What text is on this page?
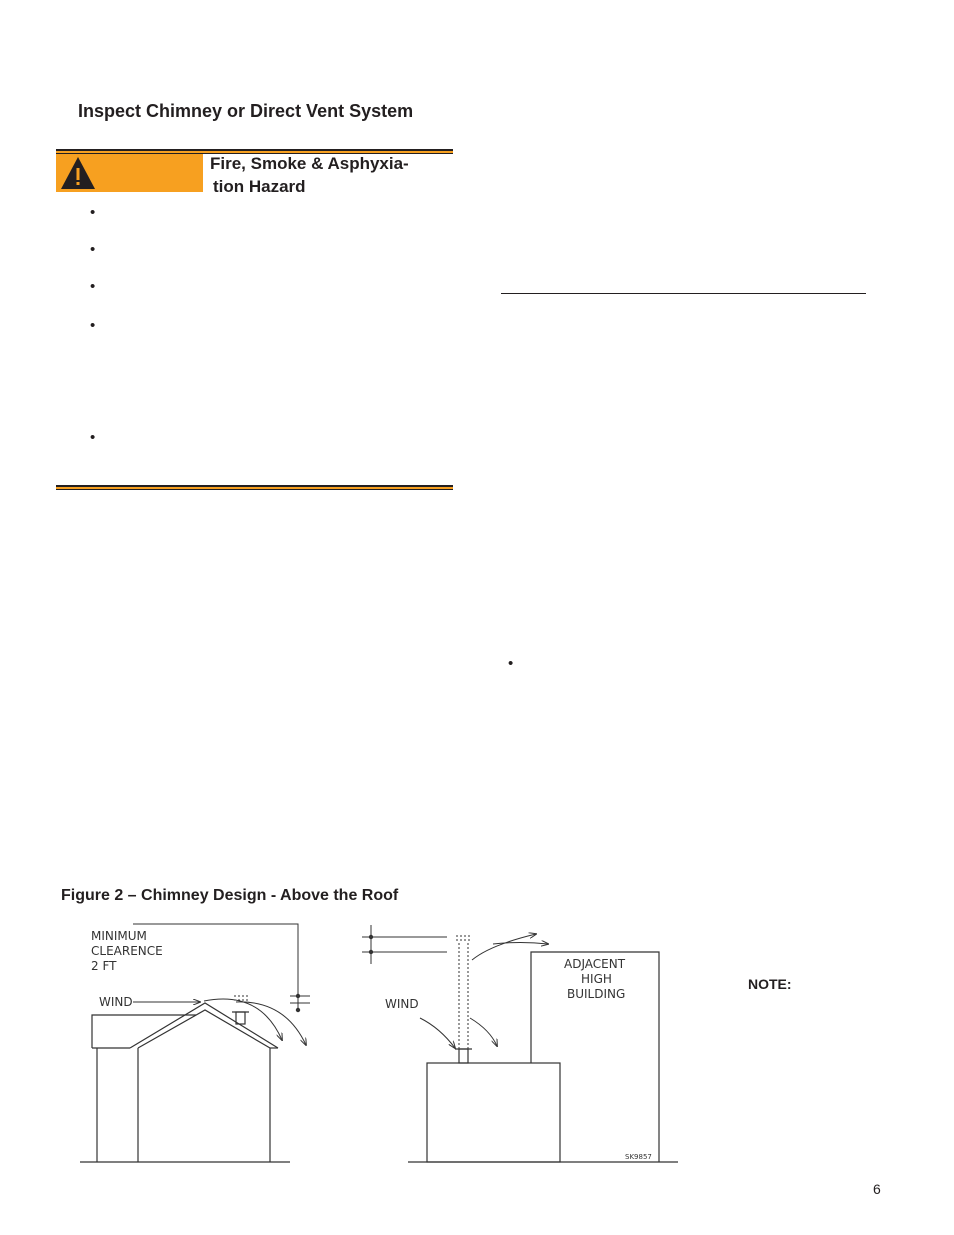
Inspect Chimney or Direct Vent System
Fire, Smoke & Asphyxia-
tion Hazard
•
•
•
•
•
•
Figure 2 – Chimney Design - Above the Roof
MINIMUM
CLEARENCE
2 FT
WIND	WIND
ADJACENT
HIGH
BUILDING
SK9857
NOTE:
6
